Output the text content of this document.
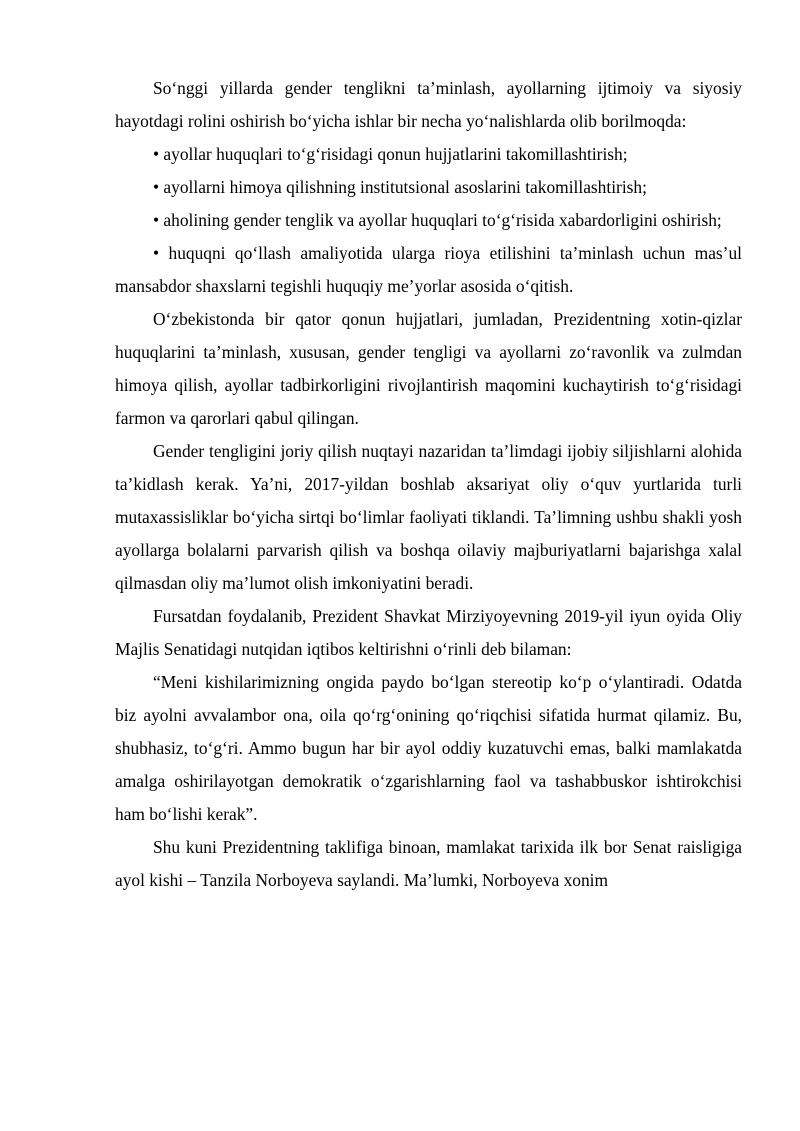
So‘nggi yillarda gender tenglikni ta’minlash, ayollarning ijtimoiy va siyosiy hayotdagi rolini oshirish bo‘yicha ishlar bir necha yo‘nalishlarda olib borilmoqda:

• ayollar huquqlari to‘g‘risidagi qonun hujjatlarini takomillashtirish;

• ayollarni himoya qilishning institutsional asoslarini takomillashtirish;

• aholining gender tenglik va ayollar huquqlari to‘g‘risida xabardorligini oshirish;

• huquqni qo‘llash amaliyotida ularga rioya etilishini ta’minlash uchun mas’ul mansabdor shaxslarni tegishli huquqiy me’yorlar asosida o‘qitish.

O‘zbekistonda bir qator qonun hujjatlari, jumladan, Prezidentning xotin-qizlar huquqlarini ta’minlash, xususan, gender tengligi va ayollarni zo‘ravonlik va zulmdan himoya qilish, ayollar tadbirkorligini rivojlantirish maqomini kuchaytirish to‘g‘risidagi farmon va qarorlari qabul qilingan.

Gender tengligini joriy qilish nuqtayi nazaridan ta’limdagi ijobiy siljishlarni alohida ta’kidlash kerak. Ya’ni, 2017-yildan boshlab aksariyat oliy o‘quv yurtlarida turli mutaxassisliklar bo‘yicha sirtqi bo‘limlar faoliyati tiklandi. Ta’limning ushbu shakli yosh ayollarga bolalarni parvarish qilish va boshqa oilaviy majburiyatlarni bajarishga xalal qilmasdan oliy ma’lumot olish imkoniyatini beradi.

Fursatdan foydalanib, Prezident Shavkat Mirziyoyevning 2019-yil iyun oyida Oliy Majlis Senatidagi nutqidan iqtibos keltirishni o‘rinli deb bilaman:

“Meni kishilarimizning ongida paydo bo‘lgan stereotip ko‘p o‘ylantiradi. Odatda biz ayolni avvalambor ona, oila qo‘rg‘onining qo‘riqchisi sifatida hurmat qilamiz. Bu, shubhasiz, to‘g‘ri. Ammo bugun har bir ayol oddiy kuzatuvchi emas, balki mamlakatda amalga oshirilayotgan demokratik o‘zgarishlarning faol va tashabbuskor ishtirokchisi ham bo‘lishi kerak”.

Shu kuni Prezidentning taklifiga binoan, mamlakat tarixida ilk bor Senat raisligiga ayol kishi – Tanzila Norboyeva saylandi. Ma’lumki, Norboyeva xonim
